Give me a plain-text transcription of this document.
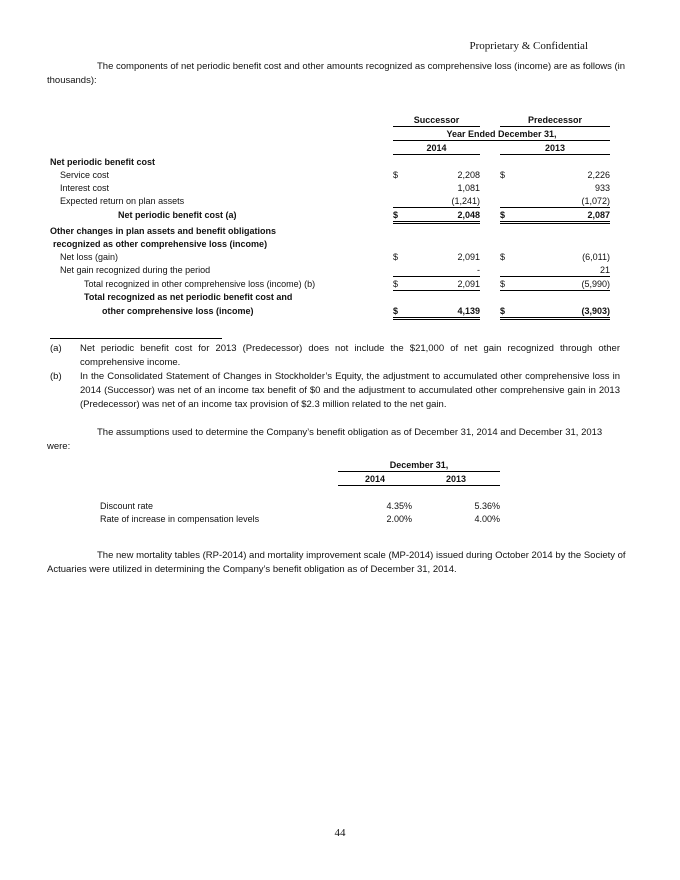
Proprietary & Confidential

The components of net periodic benefit cost and other amounts recognized as comprehensive loss (income) are as follows (in thousands):

		Successor			Predecessor	
		Year Ended December 31,				
		2014			2013	
Net periodic benefit cost						
Service cost		$	2,208		$	2,226
Interest cost			1,081			933
Expected return on plan assets			(1,241)			(1,072)
Net periodic benefit cost (a)		$	2,048		$	2,087
Other changes in plan assets and benefit obligations						
recognized as other comprehensive loss (income)						
Net loss (gain)		$	2,091		$	(6,011)
Net gain recognized during the period			-			21
Total recognized in other comprehensive loss (income) (b)		$	2,091		$	(5,990)
Total recognized as net periodic benefit cost and						
other comprehensive loss (income)		$	4,139		$	(3,903)
(a) Net periodic benefit cost for 2013 (Predecessor) does not include the $21,000 of net gain recognized through other comprehensive income.
(b) In the Consolidated Statement of Changes in Stockholder’s Equity, the adjustment to accumulated other comprehensive loss in 2014 (Successor) was net of an income tax benefit of $0 and the adjustment to accumulated other comprehensive gain in 2013 (Predecessor) was net of an income tax provision of $2.3 million related to the net gain.

The assumptions used to determine the Company’s benefit obligation as of December 31, 2014 and December 31, 2013 were:

	December 31,	
	2014	2013

Discount rate	4.35%	5.36%
Rate of increase in compensation levels	2.00%	4.00%

The new mortality tables (RP-2014) and mortality improvement scale (MP-2014) issued during October 2014 by the Society of Actuaries were utilized in determining the Company’s benefit obligation as of December 31, 2014.

44
